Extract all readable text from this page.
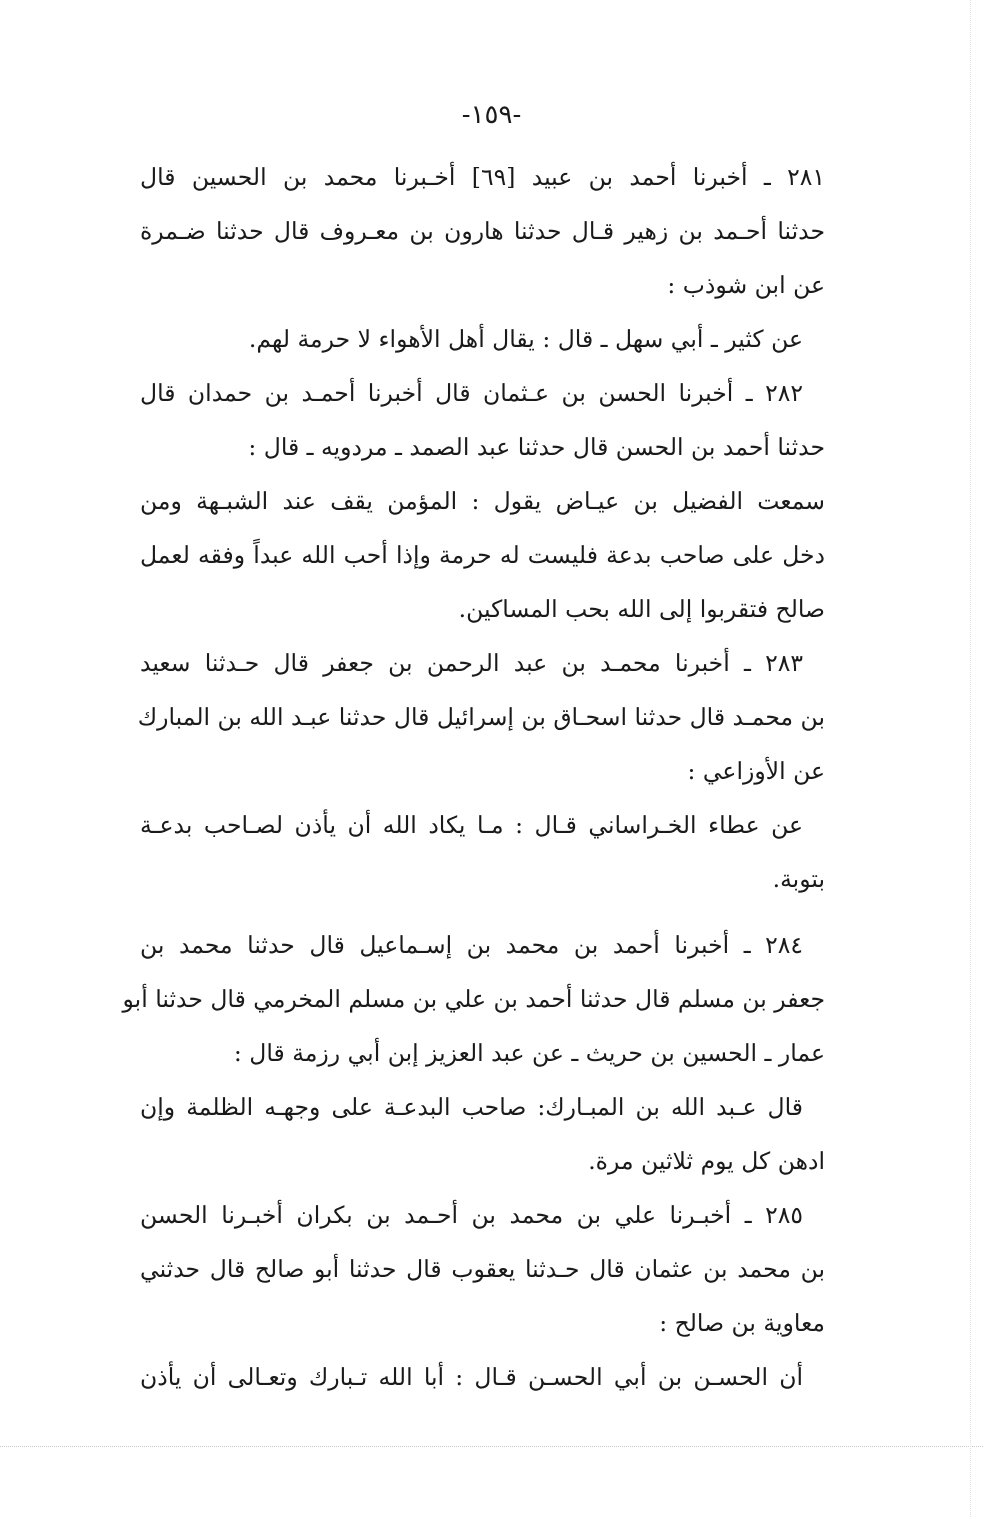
-١٥٩-
٢٨١ ـ أخبرنا أحمد بن عبيد [٦٩] أخـبرنا محمد بن الحسين قال
حدثنا أحـمد بن زهير قـال حدثنا هارون بن معـروف قال حدثنا ضـمرة
عن ابن شوذب :
عن كثير ـ أبي سهل ـ قال : يقال أهل الأهواء لا حرمة لهم.
٢٨٢ ـ أخبرنا الحسن بن عـثمان قال أخبرنا أحمـد بن حمدان قال
حدثنا أحمد بن الحسن قال حدثنا عبد الصمد ـ مردويه ـ قال :
سمعت الفضيل بن عيـاض يقول : المؤمن يقف عند الشبـهة ومن
دخل على صاحب بدعة فليست له حرمة وإذا أحب الله عبداً وفقه لعمل
صالح فتقربوا إلى الله بحب المساكين.
٢٨٣ ـ أخبرنا محمـد بن عبد الرحمن بن جعفر قال حـدثنا سعيد
بن محمـد قال حدثنا اسحـاق بن إسرائيل قال حدثنا عبـد الله بن المبارك
عن الأوزاعي :
عن عطاء الخـراساني قـال : مـا يكاد الله أن يأذن لصـاحب بدعـة
بتوبة.
٢٨٤ ـ أخبرنا أحمد بن محمد بن إسـماعيل قال حدثنا محمد بن
جعفر بن مسلم قال حدثنا أحمد بن علي بن مسلم المخرمي قال حدثنا أبو
عمار ـ الحسين بن حريث ـ عن عبد العزيز إبن أبي رزمة قال :
قال عـبد الله بن المبـارك: صاحب البدعـة على وجهـه الظلمة وإن
ادهن كل يوم ثلاثين مرة.
٢٨٥ ـ أخبـرنا علي بن محمد بن أحـمد بن بكران أخبـرنا الحسن
بن محمد بن عثمان قال حـدثنا يعقوب قال حدثنا أبو صالح قال حدثني
معاوية بن صالح :
أن الحسـن بن أبي الحسـن قـال : أبا الله تـبارك وتعـالى أن يأذن
